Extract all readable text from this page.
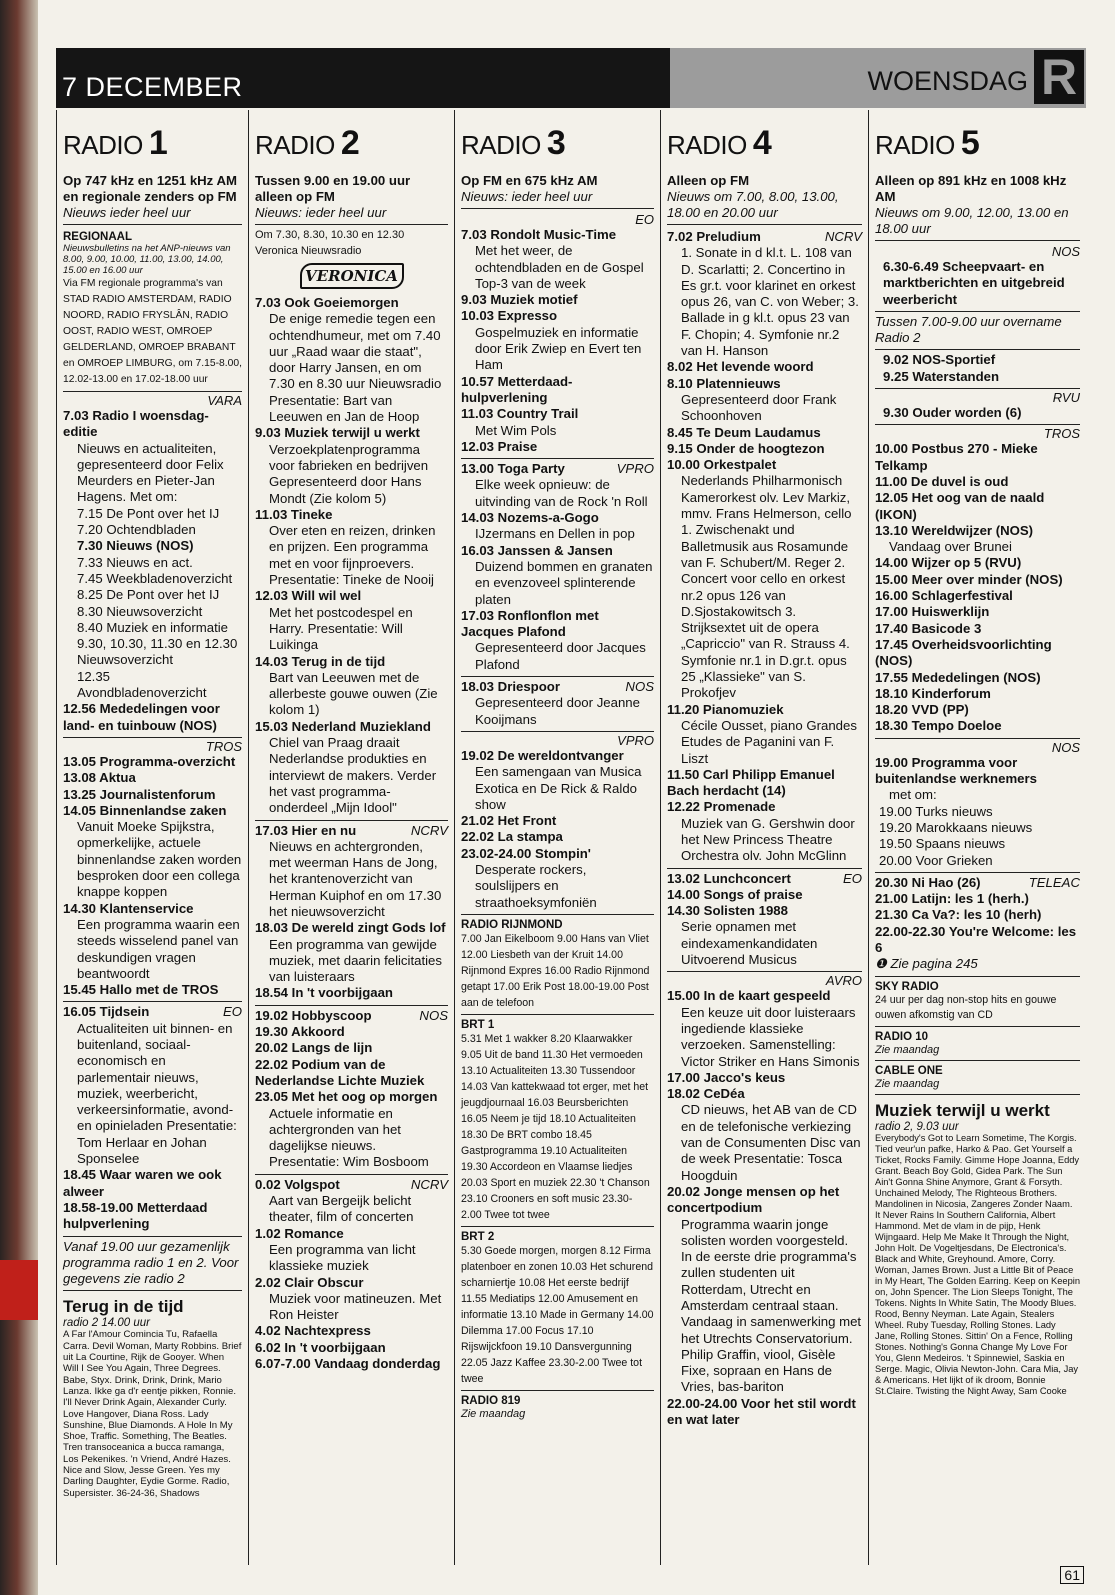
7 DECEMBER	WOENSDAG R
RADIO 1

Op 747 kHz en 1251 kHz AM en regionale zenders op FM

Nieuws ieder heel uur

REGIONAAL

Nieuwsbulletins na het ANP-nieuws van 8.00, 9.00, 10.00, 11.00, 13.00, 14.00, 15.00 en 16.00 uur

Via FM regionale programma's van STAD RADIO AMSTERDAM, RADIO NOORD, RADIO FRYSLÂN, RADIO OOST, RADIO WEST, OMROEP GELDERLAND, OMROEP BRABANT en OMROEP LIMBURG, om 7.15-8.00, 12.02-13.00 en 17.02-18.00 uur

VARA

7.03 Radio I woensdag-editie
Nieuws en actualiteiten, gepresenteerd door Felix Meurders en Pieter-Jan Hagens. Met om:

7.15 De Pont over het IJ

7.20 Ochtendbladen

7.30 Nieuws (NOS)

7.33 Nieuws en act.

7.45 Weekbladenoverzicht

8.25 De Pont over het IJ

8.30 Nieuwsoverzicht

8.40 Muziek en informatie

9.30, 10.30, 11.30 en 12.30 Nieuwsoverzicht

12.35 Avondbladenoverzicht

12.56 Mededelingen voor land- en tuinbouw (NOS)

TROS

13.05 Programma-overzicht

13.08 Aktua

13.25 Journalistenforum

14.05 Binnenlandse zaken
Vanuit Moeke Spijkstra, opmerkelijke, actuele binnenlandse zaken worden besproken door een collega knappe koppen

14.30 Klantenservice
Een programma waarin een steeds wisselend panel van deskundigen vragen beantwoordt

15.45 Hallo met de TROS

16.05 Tijdsein	EO
Actualiteiten uit binnen- en buitenland, sociaal-economisch en parlementair nieuws, muziek, weerbericht, verkeersinformatie, avond- en opinieladen Presentatie: Tom Herlaar en Johan Sponselee

18.45 Waar waren we ook alweer

18.58-19.00 Metterdaad hulpverlening

Vanaf 19.00 uur gezamenlijk programma radio 1 en 2. Voor gegevens zie radio 2

Terug in de tijd

radio 2 14.00 uur

A Far l'Amour Comincia Tu, Rafaella Carra. Devil Woman, Marty Robbins. Brief uit La Courtine, Rijk de Gooyer. When Will I See You Again, Three Degrees. Babe, Styx. Drink, Drink, Drink, Mario Lanza. Ikke ga d'r eentje pikken, Ronnie. I'll Never Drink Again, Alexander Curly. Love Hangover, Diana Ross. Lady Sunshine, Blue Diamonds. A Hole In My Shoe, Traffic. Something, The Beatles. Tren transoceanica a bucca ramanga, Los Pekenikes. 'n Vriend, André Hazes. Nice and Slow, Jesse Green. Yes my Darling Daughter, Eydie Gorme. Radio, Supersister. 36-24-36, Shadows

RADIO 2

Tussen 9.00 en 19.00 uur alleen op FM

Nieuws: ieder heel uur

Om 7.30, 8.30, 10.30 en 12.30 Veronica Nieuwsradio

VERONICA

7.03 Ook Goeiemorgen
De enige remedie tegen een ochtendhumeur, met om 7.40 uur „Raad waar die staat", door Harry Jansen, en om 7.30 en 8.30 uur Nieuwsradio Presentatie: Bart van Leeuwen en Jan de Hoop

9.03 Muziek terwijl u werkt
Verzoekplatenprogramma voor fabrieken en bedrijven Gepresenteerd door Hans Mondt (Zie kolom 5)

11.03 Tineke
Over eten en reizen, drinken en prijzen. Een programma met en voor fijnproevers. Presentatie: Tineke de Nooij

12.03 Will wil wel
Met het postcodespel en Harry. Presentatie: Will Luikinga

14.03 Terug in de tijd
Bart van Leeuwen met de allerbeste gouwe ouwen (Zie kolom 1)

15.03 Nederland Muziekland
Chiel van Praag draait Nederlandse produkties en interviewt de makers. Verder het vast programma-onderdeel „Mijn Idool"

17.03 Hier en nu	NCRV
Nieuws en achtergronden, met weerman Hans de Jong, het krantenoverzicht van Herman Kuiphof en om 17.30 het nieuwsoverzicht

18.03 De wereld zingt Gods lof
Een programma van gewijde muziek, met daarin felicitaties van luisteraars

18.54 In 't voorbijgaan

19.02 Hobbyscoop	NOS

19.30 Akkoord

20.02 Langs de lijn

22.02 Podium van de Nederlandse Lichte Muziek

23.05 Met het oog op morgen
Actuele informatie en achtergronden van het dagelijkse nieuws. Presentatie: Wim Bosboom

0.02 Volgspot	NCRV
Aart van Bergeijk belicht theater, film of concerten

1.02 Romance
Een programma van licht klassieke muziek

2.02 Clair Obscur
Muziek voor matineuzen. Met Ron Heister

4.02 Nachtexpress

6.02 In 't voorbijgaan

6.07-7.00 Vandaag donderdag

RADIO 3

Op FM en 675 kHz AM

Nieuws: ieder heel uur

EO

7.03 Rondolt Music-Time
Met het weer, de ochtendbladen en de Gospel Top-3 van de week

9.03 Muziek motief

10.03 Expresso
Gospelmuziek en informatie door Erik Zwiep en Evert ten Ham

10.57 Metterdaad-hulpverlening

11.03 Country Trail
Met Wim Pols

12.03 Praise

13.00 Toga Party	VPRO
Elke week opnieuw: de uitvinding van de Rock 'n Roll

14.03 Nozems-a-Gogo
IJzermans en Dellen in pop

16.03 Janssen & Jansen
Duizend bommen en granaten en evenzoveel splinterende platen

17.03 Ronflonflon met Jacques Plafond
Gepresenteerd door Jacques Plafond

18.03 Driespoor	NOS
Gepresenteerd door Jeanne Kooijmans

VPRO

19.02 De wereldontvanger
Een samengaan van Musica Exotica en De Rick & Raldo show

21.02 Het Front

22.02 La stampa

23.02-24.00 Stompin'
Desperate rockers, soulslijpers en straathoeksymfoniën

RADIO RIJNMOND

7.00 Jan Eikelboom 9.00 Hans van Vliet 12.00 Liesbeth van der Kruit 14.00 Rijnmond Expres 16.00 Radio Rijnmond getapt 17.00 Erik Post 18.00-19.00 Post aan de telefoon

BRT 1

5.31 Met 1 wakker 8.20 Klaarwakker 9.05 Uit de band 11.30 Het vermoeden 13.10 Actualiteiten 13.30 Tussendoor 14.03 Van kattekwaad tot erger, met het jeugdjournaal 16.03 Beursberichten 16.05 Neem je tijd 18.10 Actualiteiten 18.30 De BRT combo 18.45 Gastprogramma 19.10 Actualiteiten 19.30 Accordeon en Vlaamse liedjes 20.03 Sport en muziek 22.30 't Chanson 23.10 Crooners en soft music 23.30- 2.00 Twee tot twee

BRT 2

5.30 Goede morgen, morgen 8.12 Firma platenboer en zonen 10.03 Het schurend scharniertje 10.08 Het eerste bedrijf 11.55 Mediatips 12.00 Amusement en informatie 13.10 Made in Germany 14.00 Dilemma 17.00 Focus 17.10 Rijswijckfoon 19.10 Dansvergunning 22.05 Jazz Kaffee 23.30-2.00 Twee tot twee

RADIO 819

Zie maandag

RADIO 4

Alleen op FM

Nieuws om 7.00, 8.00, 13.00, 18.00 en 20.00 uur

7.02 Preludium	NCRV
1. Sonate in d kl.t. L. 108 van D. Scarlatti; 2. Concertino in Es gr.t. voor klarinet en orkest opus 26, van C. von Weber; 3. Ballade in g kl.t. opus 23 van F. Chopin; 4. Symfonie nr.2 van H. Hanson

8.02 Het levende woord

8.10 Platennieuws
Gepresenteerd door Frank Schoonhoven

8.45 Te Deum Laudamus

9.15 Onder de hoogtezon

10.00 Orkestpalet
Nederlands Philharmonisch Kamerorkest olv. Lev Markiz, mmv. Frans Helmerson, cello 1. Zwischenakt und Balletmusik aus Rosamunde van F. Schubert/M. Reger 2. Concert voor cello en orkest nr.2 opus 126 van D.Sjostakowitsch 3. Strijksextet uit de opera „Capriccio" van R. Strauss 4. Symfonie nr.1 in D.gr.t. opus 25 „Klassieke" van S. Prokofjev

11.20 Pianomuziek
Cécile Ousset, piano Grandes Etudes de Paganini van F. Liszt

11.50 Carl Philipp Emanuel Bach herdacht (14)

12.22 Promenade
Muziek van G. Gershwin door het New Princess Theatre Orchestra olv. John McGlinn

13.02 Lunchconcert	EO

14.00 Songs of praise

14.30 Solisten 1988
Serie opnamen met eindexamenkandidaten Uitvoerend Musicus

AVRO

15.00 In de kaart gespeeld
Een keuze uit door luisteraars ingediende klassieke verzoeken. Samenstelling: Victor Striker en Hans Simonis

17.00 Jacco's keus

18.02 CeDéa
CD nieuws, het AB van de CD en de telefonische verkiezing van de Consumenten Disc van de week Presentatie: Tosca Hoogduin

20.02 Jonge mensen op het concertpodium
Programma waarin jonge solisten worden voorgesteld. In de eerste drie programma's zullen studenten uit Rotterdam, Utrecht en Amsterdam centraal staan. Vandaag in samenwerking met het Utrechts Conservatorium. Philip Graffin, viool, Gisèle Fixe, sopraan en Hans de Vries, bas-bariton

22.00-24.00 Voor het stil wordt en wat later

RADIO 5

Alleen op 891 kHz en 1008 kHz AM

Nieuws om 9.00, 12.00, 13.00 en 18.00 uur

NOS

6.30-6.49 Scheepvaart- en marktberichten en uitgebreid weerbericht

Tussen 7.00-9.00 uur overname Radio 2

9.02 NOS-Sportief

9.25 Waterstanden

RVU

9.30 Ouder worden (6)

TROS

10.00 Postbus 270 - Mieke Telkamp

11.00 De duvel is oud

12.05 Het oog van de naald (IKON)

13.10 Wereldwijzer (NOS)
Vandaag over Brunei

14.00 Wijzer op 5 (RVU)

15.00 Meer over minder (NOS)

16.00 Schlagerfestival

17.00 Huiswerklijn

17.40 Basicode 3

17.45 Overheidsvoorlichting (NOS)

17.55 Mededelingen (NOS)

18.10 Kinderforum

18.20 VVD (PP)

18.30 Tempo Doeloe

NOS

19.00 Programma voor buitenlandse werknemers
met om:

19.00 Turks nieuws

19.20 Marokkaans nieuws

19.50 Spaans nieuws

20.00 Voor Grieken

20.30 Ni Hao (26)	TELEAC

21.00 Latijn: les 1 (herh.)

21.30 Ca Va?: les 10 (herh)

22.00-22.30 You're Welcome: les 6

❶ Zie pagina 245

SKY RADIO

24 uur per dag non-stop hits en gouwe ouwen afkomstig van CD

RADIO 10

Zie maandag

CABLE ONE

Zie maandag

Muziek terwijl u werkt

radio 2, 9.03 uur

Everybody's Got to Learn Sometime, The Korgis. Tied veur'un pafke, Harko & Pao. Get Yourself a Ticket, Rocks Family. Gimme Hope Joanna, Eddy Grant. Beach Boy Gold, Gidea Park. The Sun Ain't Gonna Shine Anymore, Grant & Forsyth. Unchained Melody, The Righteous Brothers. Mandolinen in Nicosia, Zangeres Zonder Naam. It Never Rains In Southern California, Albert Hammond. Met de vlam in de pijp, Henk Wijngaard. Help Me Make It Through the Night, John Holt. De Vogeltjesdans, De Electronica's. Black and White, Greyhound. Amore, Corry. Woman, James Brown. Just a Little Bit of Peace in My Heart, The Golden Earring. Keep on Keepin on, John Spencer. The Lion Sleeps Tonight, The Tokens. Nights In White Satin, The Moody Blues. Rood, Benny Neyman. Late Again, Stealers Wheel. Ruby Tuesday, Rolling Stones. Lady Jane, Rolling Stones. Sittin' On a Fence, Rolling Stones. Nothing's Gonna Change My Love For You, Glenn Medeiros. 't Spinnewiel, Saskia en Serge. Magic, Olivia Newton-John. Cara Mia, Jay & Americans. Het lijkt of ik droom, Bonnie St.Claire. Twisting the Night Away, Sam Cooke

61
